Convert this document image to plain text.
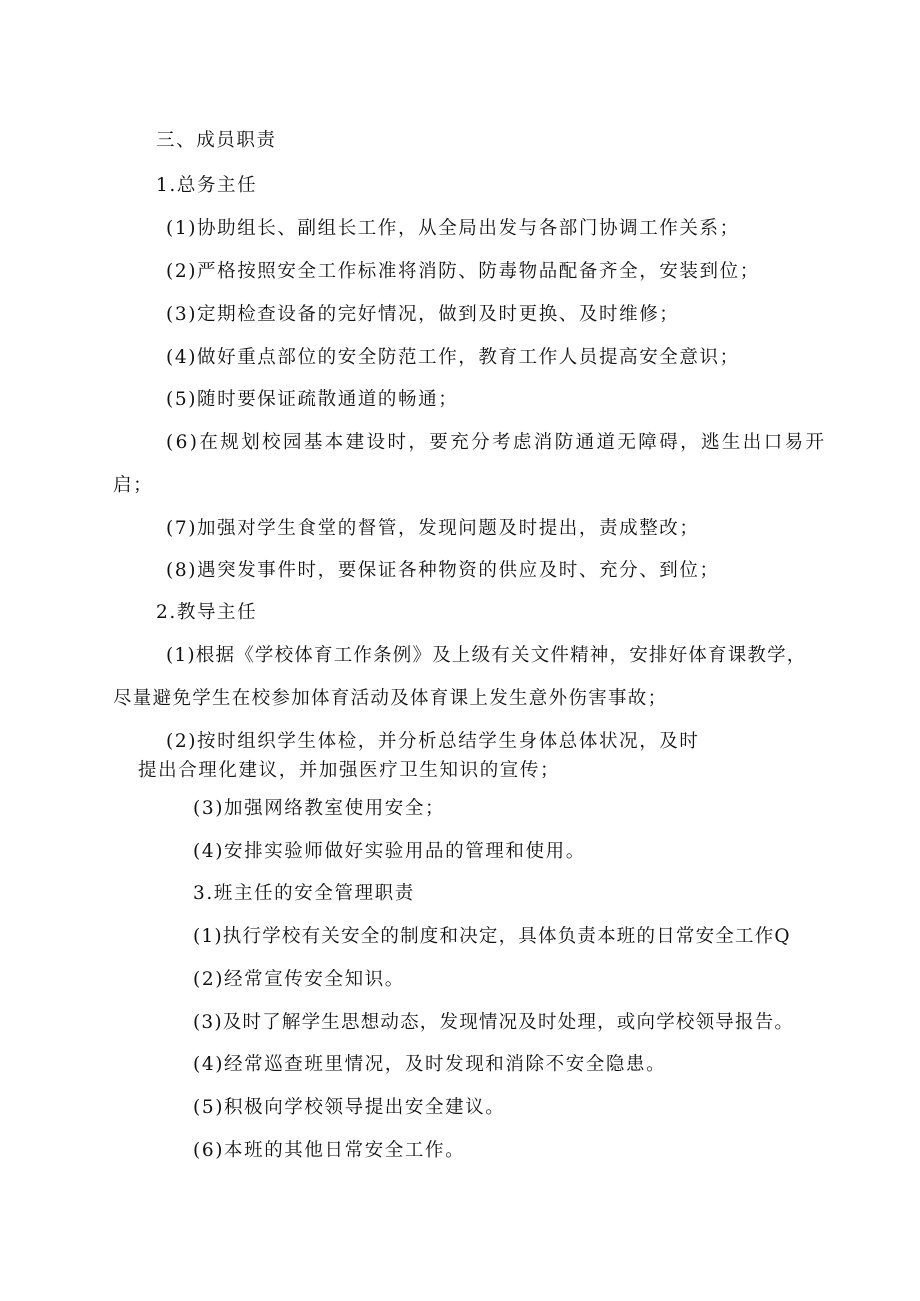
三、成员职责

1.总务主任

(1)协助组长、副组长工作，从全局出发与各部门协调工作关系；

(2)严格按照安全工作标准将消防、防毒物品配备齐全，安装到位；

(3)定期检查设备的完好情况，做到及时更换、及时维修；

(4)做好重点部位的安全防范工作，教育工作人员提高安全意识；

(5)随时要保证疏散通道的畅通；

(6)在规划校园基本建设时，要充分考虑消防通道无障碍，逃生出口易开

启；

(7)加强对学生食堂的督管，发现问题及时提出，责成整改；

(8)遇突发事件时，要保证各种物资的供应及时、充分、到位；

2.教导主任

(1)根据《学校体育工作条例》及上级有关文件精神，安排好体育课教学，

尽量避免学生在校参加体育活动及体育课上发生意外伤害事故；

(2)按时组织学生体检，并分析总结学生身体总体状况，及时

提出合理化建议，并加强医疗卫生知识的宣传；

(3)加强网络教室使用安全；

(4)安排实验师做好实验用品的管理和使用。

3.班主任的安全管理职责

(1)执行学校有关安全的制度和决定，具体负责本班的日常安全工作Q

(2)经常宣传安全知识。

(3)及时了解学生思想动态，发现情况及时处理，或向学校领导报告。

(4)经常巡查班里情况，及时发现和消除不安全隐患。

(5)积极向学校领导提出安全建议。

(6)本班的其他日常安全工作。
